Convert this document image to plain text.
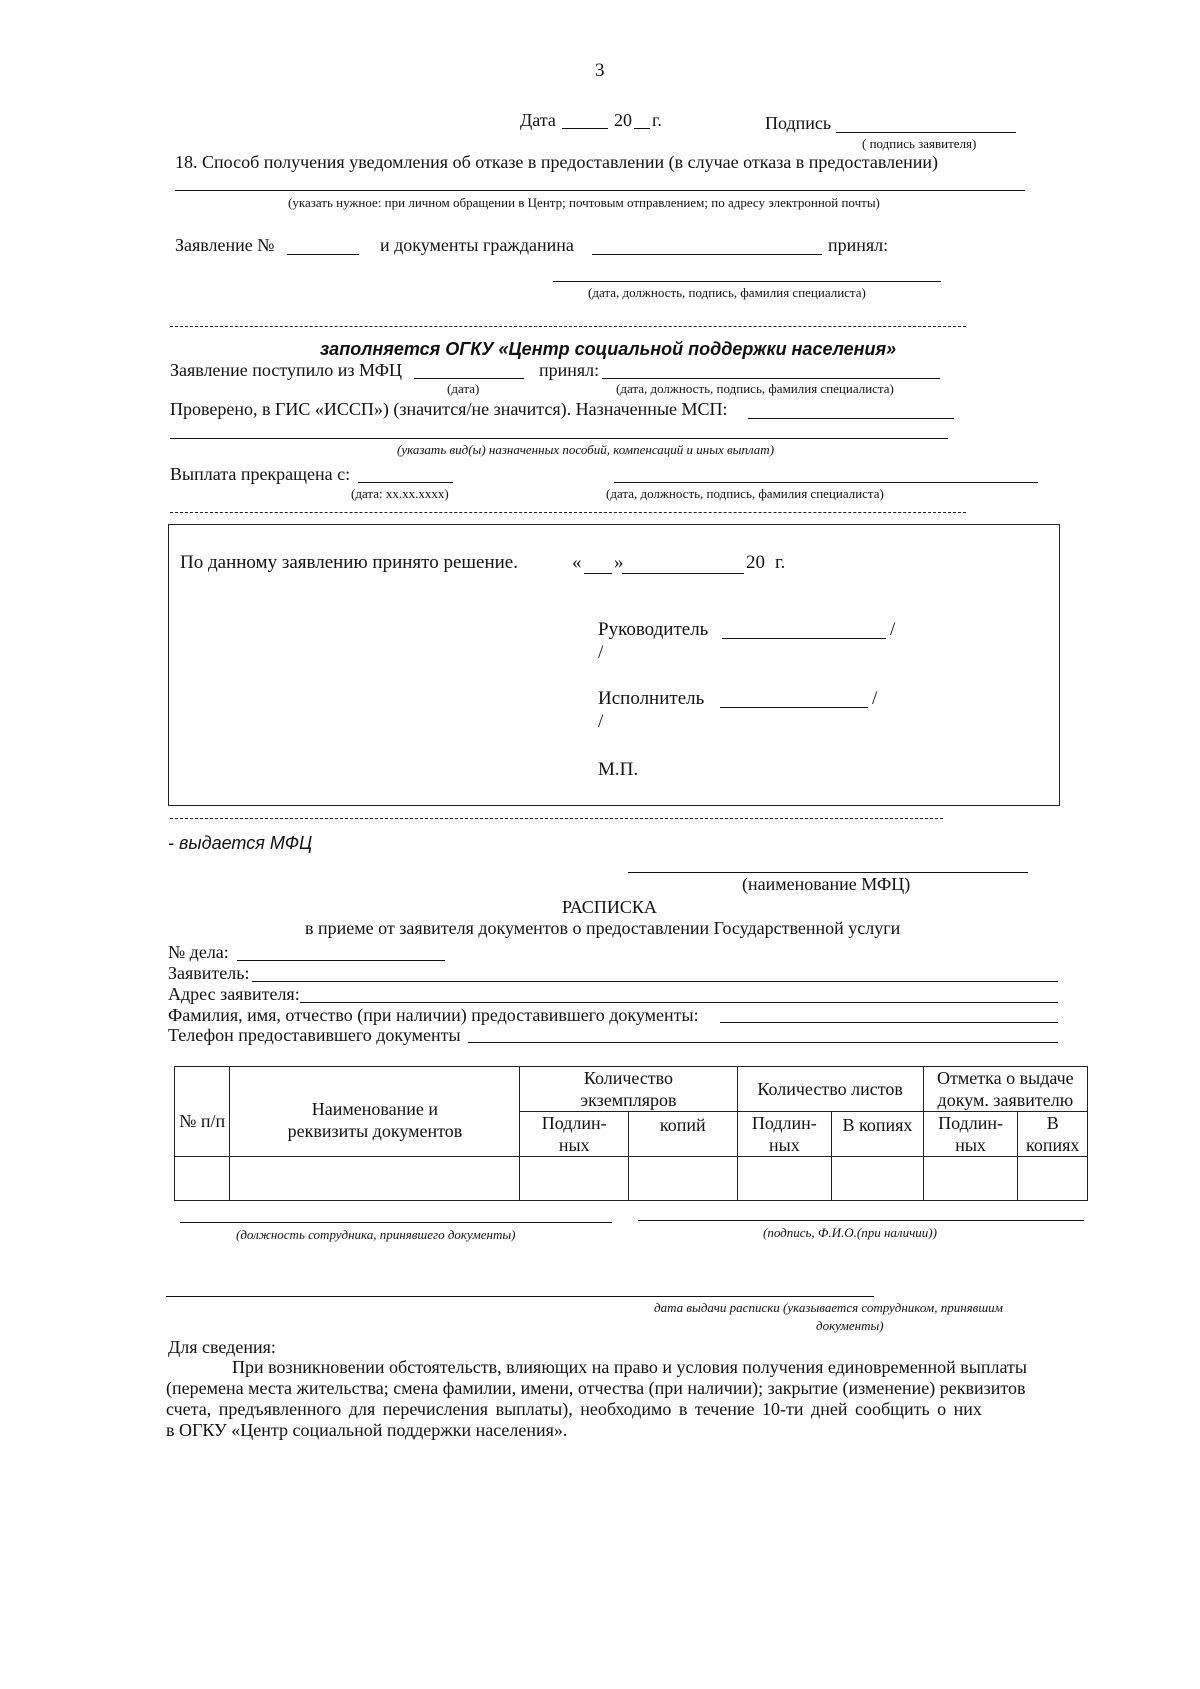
3
Дата	20 г.	Подпись
( подпись заявителя)
18. Способ получения уведомления об отказе в предоставлении (в случае отказа в предоставлении)
(указать нужное: при личном обращении в Центр; почтовым отправлением; по адресу электронной почты)
Заявление №	и документы гражданина	принял:
(дата, должность, подпись, фамилия специалиста)
заполняется ОГКУ «Центр социальной поддержки населения»
Заявление поступило из МФЦ	принял:
(дата)	(дата, должность, подпись, фамилия специалиста)
Проверено, в ГИС «ИССП») (значится/не значится). Назначенные МСП:
(указать вид(ы) назначенных пособий, компенсаций и иных выплат)
Выплата прекращена с:
(дата: xx.xx.xxxx)	(дата, должность, подпись, фамилия специалиста)
По данному заявлению принято решение.	« »	20 г.
Руководитель	/
/
Исполнитель	/
/
М.П.
- выдается МФЦ
(наименование МФЦ)
РАСПИСКА
в приеме от заявителя документов о предоставлении Государственной услуги
№ дела:
Заявитель:
Адрес заявителя:
Фамилия, имя, отчество (при наличии) предоставившего документы:
Телефон предоставившего документы
№ п/п	Наименование и реквизиты документов	Количество экземпляров		Количество листов		Отметка о выдаче докум. заявителю	
		Подлин-ных	копий	Подлин-ных	В копиях	Подлин-ных	В копиях

(должность сотрудника, принявшего документы)	(подпись, Ф.И.О.(при наличии))
дата выдачи расписки (указывается сотрудником, принявшим
документы)
Для сведения:
При возникновении обстоятельств, влияющих на право и условия получения единовременной выплаты
(перемена места жительства; смена фамилии, имени, отчества (при наличии); закрытие (изменение) реквизитов
счета, предъявленного для перечисления выплаты), необходимо в течение 10-ти дней сообщить о них
в ОГКУ «Центр социальной поддержки населения».
